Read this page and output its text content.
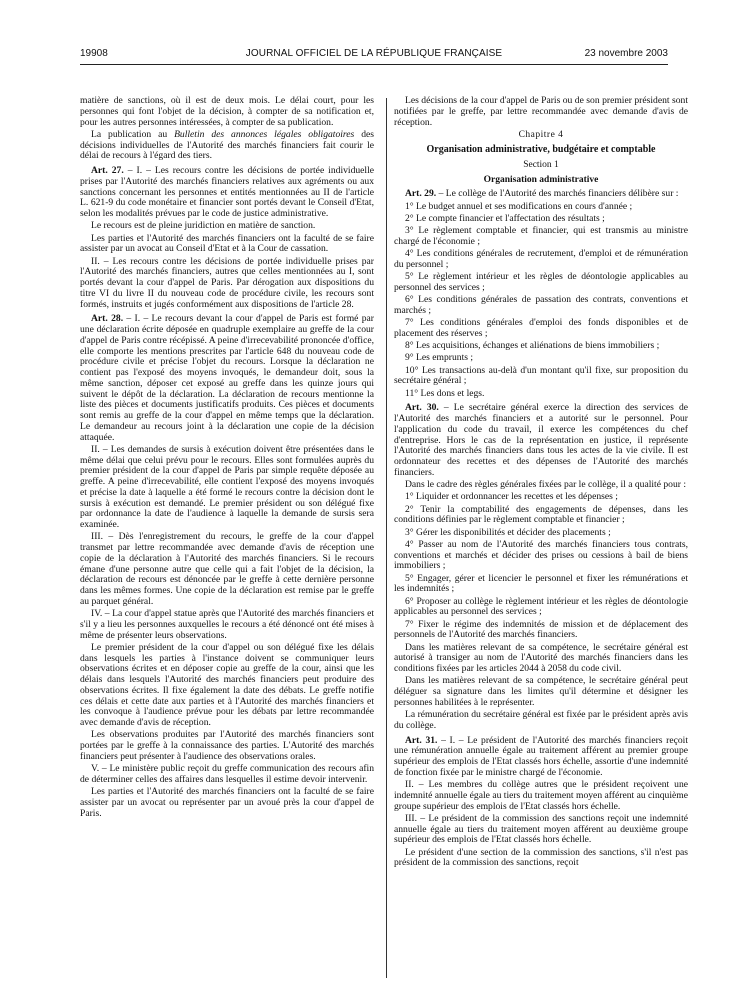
19908	JOURNAL OFFICIEL DE LA RÉPUBLIQUE FRANÇAISE	23 novembre 2003

matière de sanctions, où il est de deux mois. Le délai court, pour les personnes qui font l'objet de la décision, à compter de sa notification et, pour les autres personnes intéressées, à compter de sa publication.

La publication au Bulletin des annonces légales obligatoires des décisions individuelles de l'Autorité des marchés financiers fait courir le délai de recours à l'égard des tiers.

Art. 27. – I. – Les recours contre les décisions de portée individuelle prises par l'Autorité des marchés financiers relatives aux agréments ou aux sanctions concernant les personnes et entités mentionnées au II de l'article L. 621-9 du code monétaire et financier sont portés devant le Conseil d'Etat, selon les modalités prévues par le code de justice administrative.

Le recours est de pleine juridiction en matière de sanction.

Les parties et l'Autorité des marchés financiers ont la faculté de se faire assister par un avocat au Conseil d'Etat et à la Cour de cassation.

II. – Les recours contre les décisions de portée individuelle prises par l'Autorité des marchés financiers, autres que celles mentionnées au I, sont portés devant la cour d'appel de Paris. Par dérogation aux dispositions du titre VI du livre II du nouveau code de procédure civile, les recours sont formés, instruits et jugés conformément aux dispositions de l'article 28.

Art. 28. – I. – Le recours devant la cour d'appel de Paris est formé par une déclaration écrite déposée en quadruple exemplaire au greffe de la cour d'appel de Paris contre récépissé. A peine d'irrecevabilité prononcée d'office, elle comporte les mentions prescrites par l'article 648 du nouveau code de procédure civile et précise l'objet du recours. Lorsque la déclaration ne contient pas l'exposé des moyens invoqués, le demandeur doit, sous la même sanction, déposer cet exposé au greffe dans les quinze jours qui suivent le dépôt de la déclaration. La déclaration de recours mentionne la liste des pièces et documents justificatifs produits. Ces pièces et documents sont remis au greffe de la cour d'appel en même temps que la déclaration. Le demandeur au recours joint à la déclaration une copie de la décision attaquée.

II. – Les demandes de sursis à exécution doivent être présentées dans le même délai que celui prévu pour le recours. Elles sont formulées auprès du premier président de la cour d'appel de Paris par simple requête déposée au greffe. A peine d'irrecevabilité, elle contient l'exposé des moyens invoqués et précise la date à laquelle a été formé le recours contre la décision dont le sursis à exécution est demandé. Le premier président ou son délégué fixe par ordonnance la date de l'audience à laquelle la demande de sursis sera examinée.

III. – Dès l'enregistrement du recours, le greffe de la cour d'appel transmet par lettre recommandée avec demande d'avis de réception une copie de la déclaration à l'Autorité des marchés financiers. Si le recours émane d'une personne autre que celle qui a fait l'objet de la décision, la déclaration de recours est dénoncée par le greffe à cette dernière personne dans les mêmes formes. Une copie de la déclaration est remise par le greffe au parquet général.

IV. – La cour d'appel statue après que l'Autorité des marchés financiers et s'il y a lieu les personnes auxquelles le recours a été dénoncé ont été mises à même de présenter leurs observations.

Le premier président de la cour d'appel ou son délégué fixe les délais dans lesquels les parties à l'instance doivent se communiquer leurs observations écrites et en déposer copie au greffe de la cour, ainsi que les délais dans lesquels l'Autorité des marchés financiers peut produire des observations écrites. Il fixe également la date des débats. Le greffe notifie ces délais et cette date aux parties et à l'Autorité des marchés financiers et les convoque à l'audience prévue pour les débats par lettre recommandée avec demande d'avis de réception.

Les observations produites par l'Autorité des marchés financiers sont portées par le greffe à la connaissance des parties. L'Autorité des marchés financiers peut présenter à l'audience des observations orales.

V. – Le ministère public reçoit du greffe communication des recours afin de déterminer celles des affaires dans lesquelles il estime devoir intervenir.

Les parties et l'Autorité des marchés financiers ont la faculté de se faire assister par un avocat ou représenter par un avoué près la cour d'appel de Paris.

Les décisions de la cour d'appel de Paris ou de son premier président sont notifiées par le greffe, par lettre recommandée avec demande d'avis de réception.

Chapitre 4

Organisation administrative, budgétaire et comptable

Section 1

Organisation administrative

Art. 29. – Le collège de l'Autorité des marchés financiers délibère sur :

1° Le budget annuel et ses modifications en cours d'année ;

2° Le compte financier et l'affectation des résultats ;

3° Le règlement comptable et financier, qui est transmis au ministre chargé de l'économie ;

4° Les conditions générales de recrutement, d'emploi et de rémunération du personnel ;

5° Le règlement intérieur et les règles de déontologie applicables au personnel des services ;

6° Les conditions générales de passation des contrats, conventions et marchés ;

7° Les conditions générales d'emploi des fonds disponibles et de placement des réserves ;

8° Les acquisitions, échanges et aliénations de biens immobiliers ;

9° Les emprunts ;

10° Les transactions au-delà d'un montant qu'il fixe, sur proposition du secrétaire général ;

11° Les dons et legs.

Art. 30. – Le secrétaire général exerce la direction des services de l'Autorité des marchés financiers et a autorité sur le personnel. Pour l'application du code du travail, il exerce les compétences du chef d'entreprise. Hors le cas de la représentation en justice, il représente l'Autorité des marchés financiers dans tous les actes de la vie civile. Il est ordonnateur des recettes et des dépenses de l'Autorité des marchés financiers.

Dans le cadre des règles générales fixées par le collège, il a qualité pour :

1° Liquider et ordonnancer les recettes et les dépenses ;

2° Tenir la comptabilité des engagements de dépenses, dans les conditions définies par le règlement comptable et financier ;

3° Gérer les disponibilités et décider des placements ;

4° Passer au nom de l'Autorité des marchés financiers tous contrats, conventions et marchés et décider des prises ou cessions à bail de biens immobiliers ;

5° Engager, gérer et licencier le personnel et fixer les rémunérations et les indemnités ;

6° Proposer au collège le règlement intérieur et les règles de déontologie applicables au personnel des services ;

7° Fixer le régime des indemnités de mission et de déplacement des personnels de l'Autorité des marchés financiers.

Dans les matières relevant de sa compétence, le secrétaire général est autorisé à transiger au nom de l'Autorité des marchés financiers dans les conditions fixées par les articles 2044 à 2058 du code civil.

Dans les matières relevant de sa compétence, le secrétaire général peut déléguer sa signature dans les limites qu'il détermine et désigner les personnes habilitées à le représenter.

La rémunération du secrétaire général est fixée par le président après avis du collège.

Art. 31. – I. – Le président de l'Autorité des marchés financiers reçoit une rémunération annuelle égale au traitement afférent au premier groupe supérieur des emplois de l'Etat classés hors échelle, assortie d'une indemnité de fonction fixée par le ministre chargé de l'économie.

II. – Les membres du collège autres que le président reçoivent une indemnité annuelle égale au tiers du traitement moyen afférent au cinquième groupe supérieur des emplois de l'Etat classés hors échelle.

III. – Le président de la commission des sanctions reçoit une indemnité annuelle égale au tiers du traitement moyen afférent au deuxième groupe supérieur des emplois de l'Etat classés hors échelle.

Le président d'une section de la commission des sanctions, s'il n'est pas président de la commission des sanctions, reçoit
